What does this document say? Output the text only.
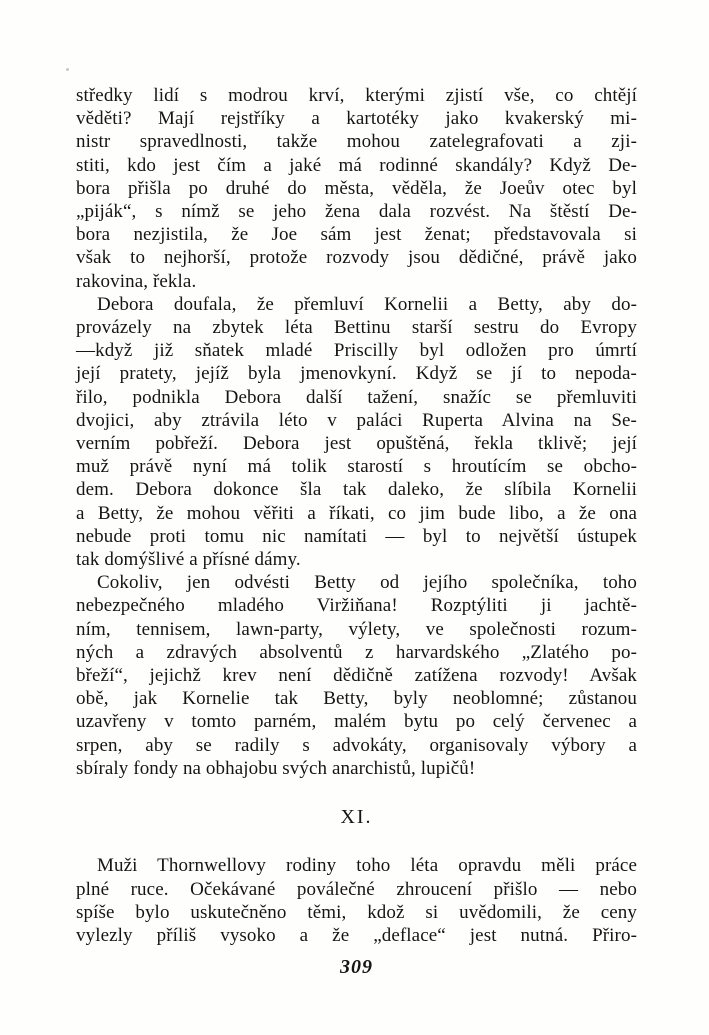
středky lidí s modrou krví, kterými zjistí vše, co chtějí
věděti? Mají rejstříky a kartotéky jako kvakerský mi-
nistr spravedlnosti, takže mohou zatelegrafovati a zji-
stiti, kdo jest čím a jaké má rodinné skandály? Když De-
bora přišla po druhé do města, věděla, že Joeův otec byl
„piják“, s nímž se jeho žena dala rozvést. Na štěstí De-
bora nezjistila, že Joe sám jest ženat; představovala si
však to nejhorší, protože rozvody jsou dědičné, právě jako
rakovina, řekla.
Debora doufala, že přemluví Kornelii a Betty, aby do-
provázely na zbytek léta Bettinu starší sestru do Evropy
—když již sňatek mladé Priscilly byl odložen pro úmrtí
její pratety, jejíž byla jmenovkyní. Když se jí to nepoda-
řilo, podnikla Debora další tažení, snažíc se přemluviti
dvojici, aby ztrávila léto v paláci Ruperta Alvina na Se-
verním pobřeží. Debora jest opuštěná, řekla tklivě; její
muž právě nyní má tolik starostí s hroutícím se obcho-
dem. Debora dokonce šla tak daleko, že slíbila Kornelii
a Betty, že mohou věřiti a říkati, co jim bude libo, a že ona
nebude proti tomu nic namítati — byl to největší ústupek
tak domýšlivé a přísné dámy.
Cokoliv, jen odvésti Betty od jejího společníka, toho
nebezpečného mladého Viržiňana! Rozptýliti ji jachtě-
ním, tennisem, lawn-party, výlety, ve společnosti rozum-
ných a zdravých absolventů z harvardského „Zlatého po-
břeží“, jejichž krev není dědičně zatížena rozvody! Avšak
obě, jak Kornelie tak Betty, byly neoblomné; zůstanou
uzavřeny v tomto parném, malém bytu po celý červenec a
srpen, aby se radily s advokáty, organisovaly výbory a
sbíraly fondy na obhajobu svých anarchistů, lupičů!
XI.
Muži Thornwellovy rodiny toho léta opravdu měli práce
plné ruce. Očekávané poválečné zhroucení přišlo — nebo
spíše bylo uskutečněno těmi, kdož si uvědomili, že ceny
vylezly příliš vysoko a že „deflace“ jest nutná. Přiro-
309
